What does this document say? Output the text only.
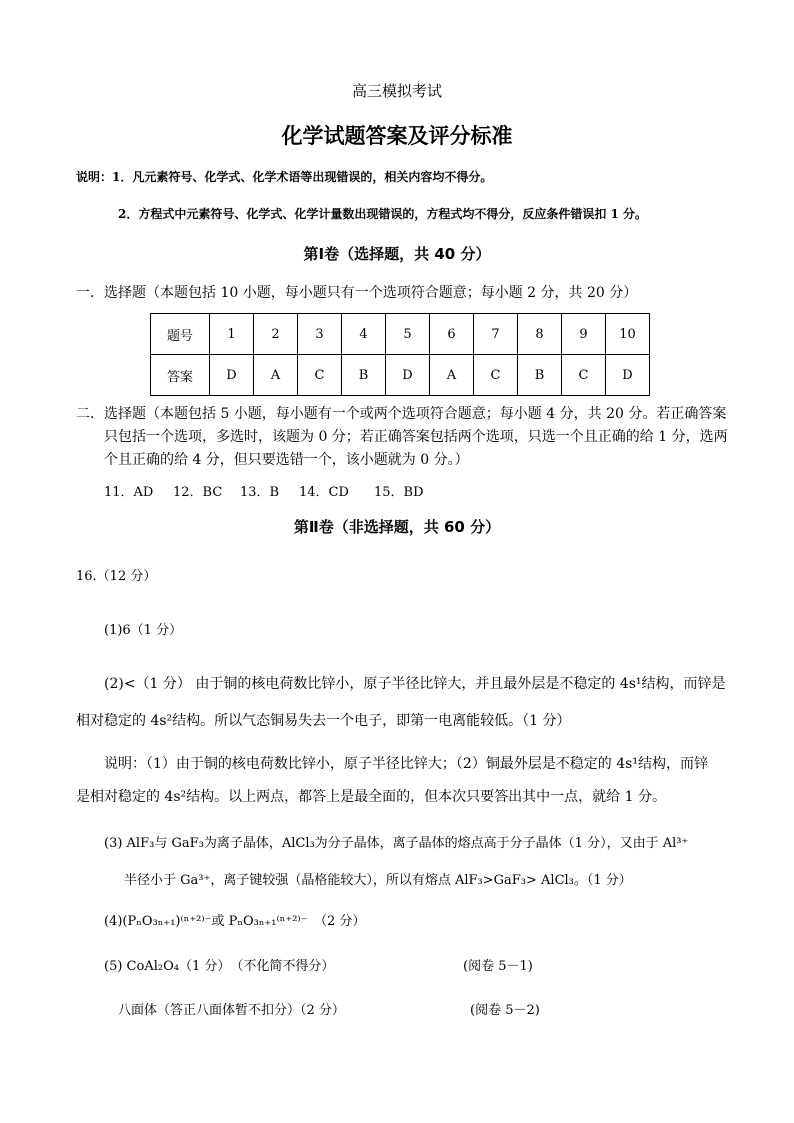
高三模拟考试
化学试题答案及评分标准
说明：1．凡元素符号、化学式、化学术语等出现错误的，相关内容均不得分。
2．方程式中元素符号、化学式、化学计量数出现错误的，方程式均不得分，反应条件错误扣 1 分。
第Ⅰ卷（选择题，共 40 分）
一．选择题（本题包括 10 小题，每小题只有一个选项符合题意；每小题 2 分，共 20 分）
题号	1	2	3	4	5	6	7	8	9	10
答案	D	A	C	B	D	A	C	B	C	D
二．选择题（本题包括 5 小题，每小题有一个或两个选项符合题意；每小题 4 分，共 20 分。若正确答案
只包括一个选项，多选时，该题为 0 分；若正确答案包括两个选项，只选一个且正确的给 1 分，选两
个且正确的给 4 分，但只要选错一个，该小题就为 0 分。）
11．AD 12．BC 13．B 14．CD 15．BD
第Ⅱ卷（非选择题，共 60 分）
16.（12 分）
(1)6（1 分）
(2)<（1 分） 由于铜的核电荷数比锌小，原子半径比锌大，并且最外层是不稳定的 4s¹结构，而锌是
相对稳定的 4s²结构。所以气态铜易失去一个电子，即第一电离能较低。（1 分）
说明：（1）由于铜的核电荷数比锌小，原子半径比锌大；（2）铜最外层是不稳定的 4s¹结构，而锌
是相对稳定的 4s²结构。以上两点，都答上是最全面的，但本次只要答出其中一点，就给 1 分。
(3) AlF₃与 GaF₃为离子晶体，AlCl₃为分子晶体，离子晶体的熔点高于分子晶体（1 分），又由于 Al³⁺
半径小于 Ga³⁺，离子键较强（晶格能较大），所以有熔点 AlF₃>GaF₃> AlCl₃。（1 分）
(4)(PₙO₃ₙ₊₁)⁽ⁿ⁺²⁾⁻或 PₙO₃ₙ₊₁⁽ⁿ⁺²⁾⁻　（2 分）
(5) CoAl₂O₄（1 分）　（不化简不得分）	(阅卷 5－1)
八面体（答正八面体暂不扣分）（2 分）	(阅卷 5－2)
